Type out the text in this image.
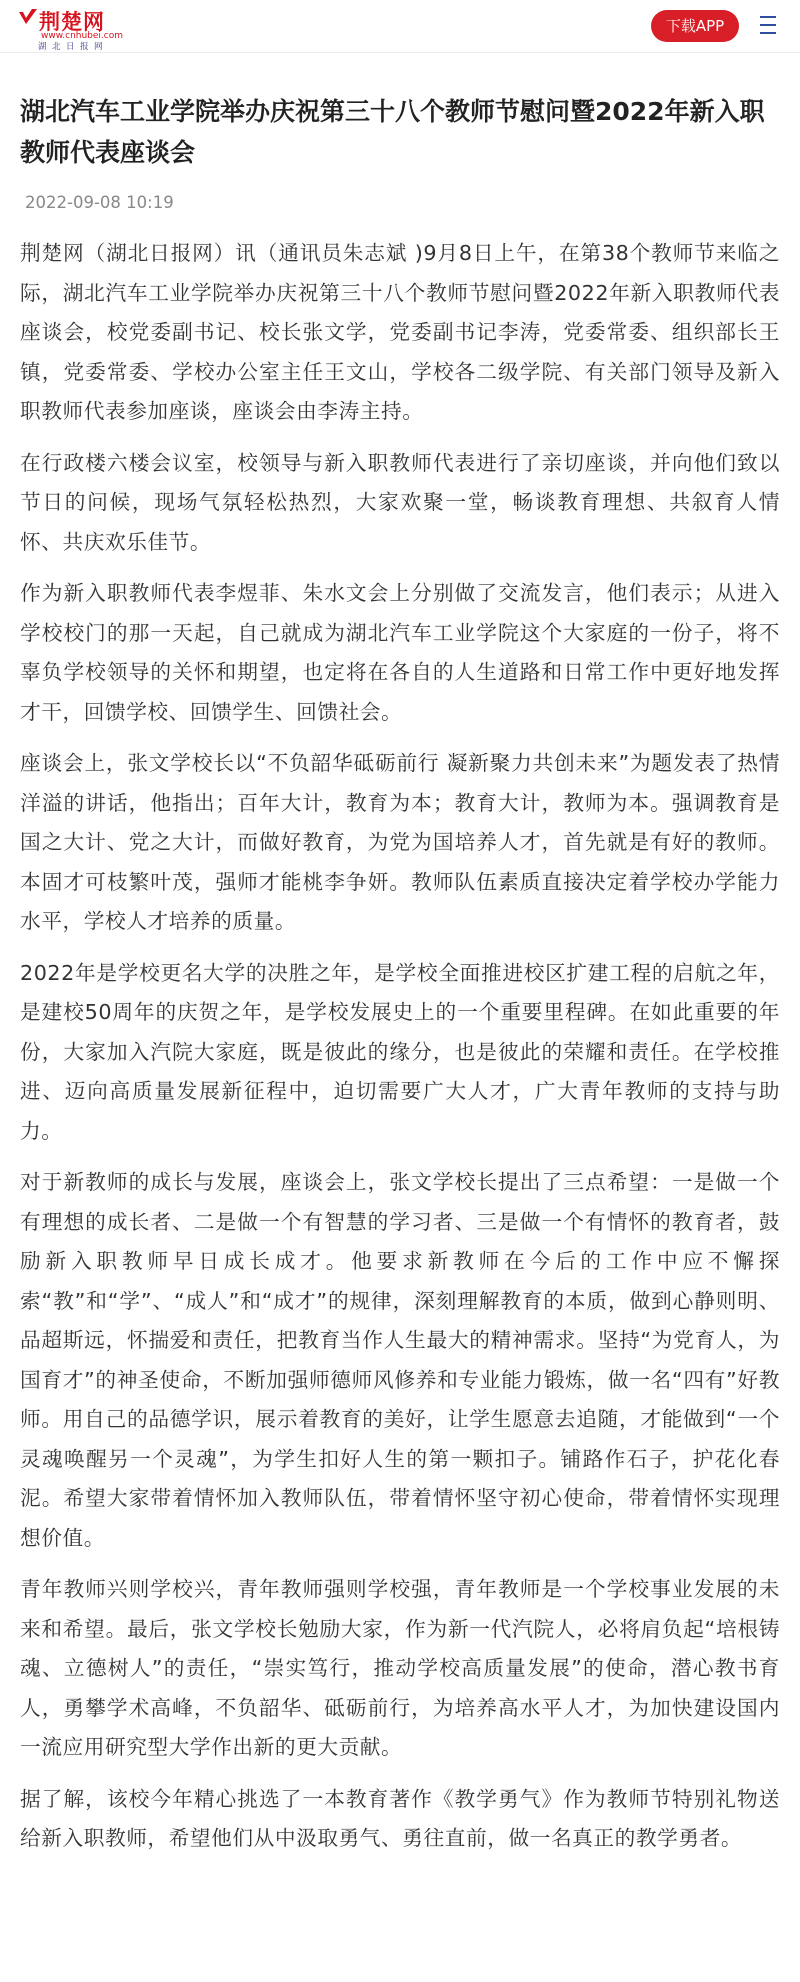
荆楚网
www.cnhubei.com
湖北日报网
下载APP
湖北汽车工业学院举办庆祝第三十八个教师节慰问暨2022年新入职教师代表座谈会
2022-09-08 10:19

荆楚网（湖北日报网）讯（通讯员朱志斌 )9月8日上午，在第38个教师节来临之际，湖北汽车工业学院举办庆祝第三十八个教师节慰问暨2022年新入职教师代表座谈会，校党委副书记、校长张文学，党委副书记李涛，党委常委、组织部长王镇，党委常委、学校办公室主任王文山，学校各二级学院、有关部门领导及新入职教师代表参加座谈，座谈会由李涛主持。

在行政楼六楼会议室，校领导与新入职教师代表进行了亲切座谈，并向他们致以节日的问候，现场气氛轻松热烈，大家欢聚一堂，畅谈教育理想、共叙育人情怀、共庆欢乐佳节。

作为新入职教师代表李煜菲、朱水文会上分别做了交流发言，他们表示；从进入学校校门的那一天起，自己就成为湖北汽车工业学院这个大家庭的一份子，将不辜负学校领导的关怀和期望，也定将在各自的人生道路和日常工作中更好地发挥才干，回馈学校、回馈学生、回馈社会。

座谈会上，张文学校长以“不负韶华砥砺前行 凝新聚力共创未来”为题发表了热情洋溢的讲话，他指出；百年大计，教育为本；教育大计，教师为本。强调教育是国之大计、党之大计，而做好教育，为党为国培养人才，首先就是有好的教师。本固才可枝繁叶茂，强师才能桃李争妍。教师队伍素质直接决定着学校办学能力水平，学校人才培养的质量。

2022年是学校更名大学的决胜之年，是学校全面推进校区扩建工程的启航之年，是建校50周年的庆贺之年，是学校发展史上的一个重要里程碑。在如此重要的年份，大家加入汽院大家庭，既是彼此的缘分，也是彼此的荣耀和责任。在学校推进、迈向高质量发展新征程中，迫切需要广大人才，广大青年教师的支持与助力。

对于新教师的成长与发展，座谈会上，张文学校长提出了三点希望：一是做一个有理想的成长者、二是做一个有智慧的学习者、三是做一个有情怀的教育者，鼓励新入职教师早日成长成才。他要求新教师在今后的工作中应不懈探索“教”和“学”、“成人”和“成才”的规律，深刻理解教育的本质，做到心静则明、品超斯远，怀揣爱和责任，把教育当作人生最大的精神需求。坚持“为党育人，为国育才”的神圣使命，不断加强师德师风修养和专业能力锻炼，做一名“四有”好教师。用自己的品德学识，展示着教育的美好，让学生愿意去追随，才能做到“一个灵魂唤醒另一个灵魂”，为学生扣好人生的第一颗扣子。铺路作石子，护花化春泥。希望大家带着情怀加入教师队伍，带着情怀坚守初心使命，带着情怀实现理想价值。

青年教师兴则学校兴，青年教师强则学校强，青年教师是一个学校事业发展的未来和希望。最后，张文学校长勉励大家，作为新一代汽院人，必将肩负起“培根铸魂、立德树人”的责任，“崇实笃行，推动学校高质量发展”的使命，潜心教书育人，勇攀学术高峰，不负韶华、砥砺前行，为培养高水平人才，为加快建设国内一流应用研究型大学作出新的更大贡献。

据了解，该校今年精心挑选了一本教育著作《教学勇气》作为教师节特别礼物送给新入职教师，希望他们从中汲取勇气、勇往直前，做一名真正的教学勇者。
